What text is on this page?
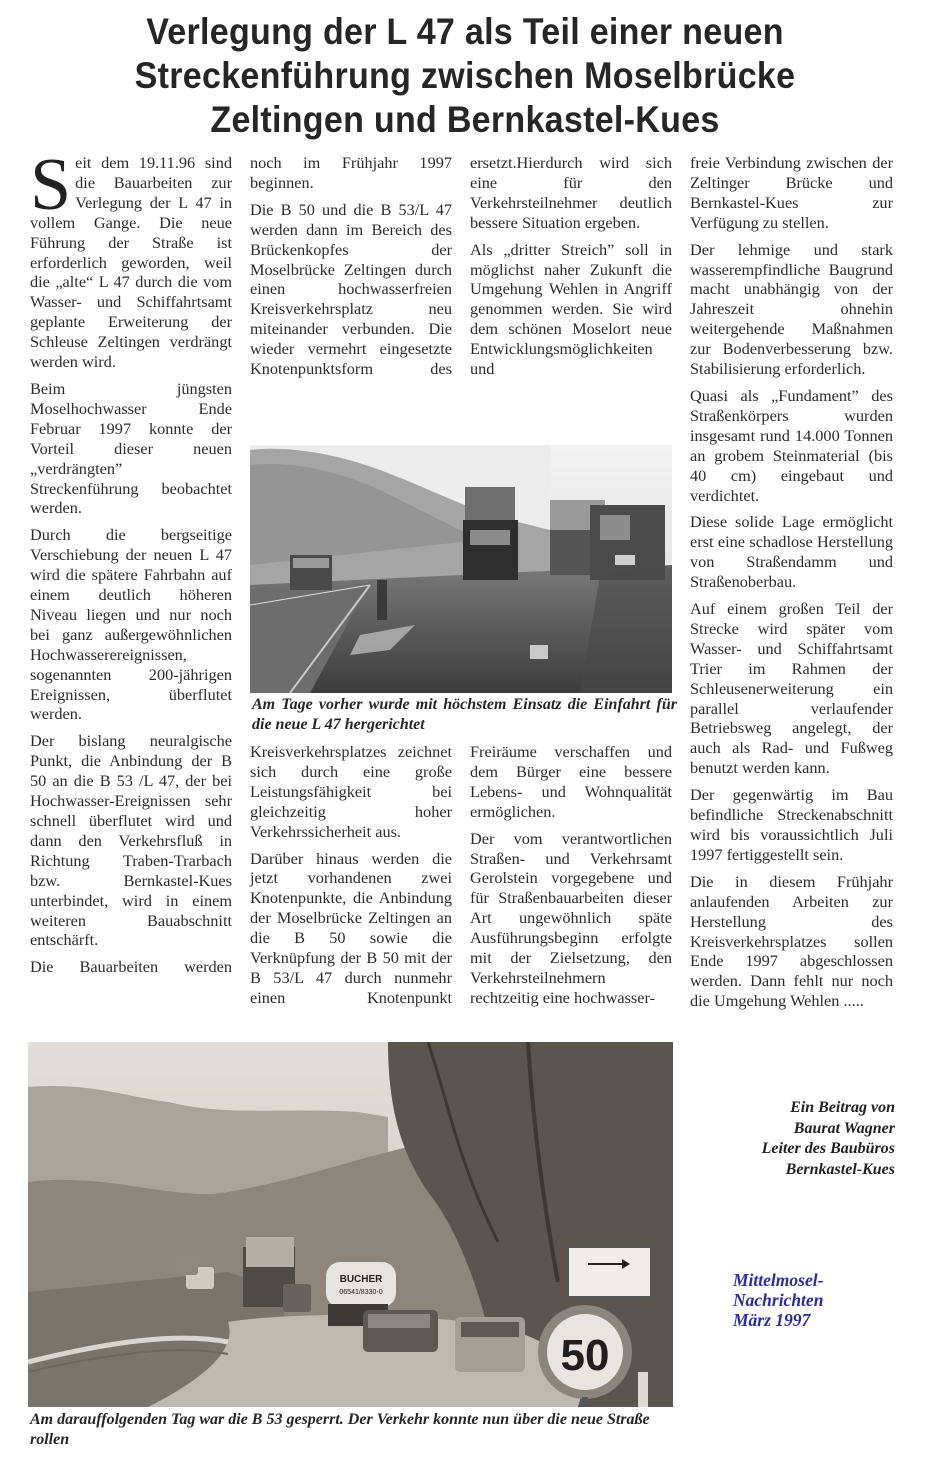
Verlegung der L 47 als Teil einer neuen
Streckenführung zwischen Moselbrücke
Zeltingen und Bernkastel-Kues

Seit dem 19.11.96 sind die Bauarbeiten zur Verlegung der L 47 in vollem Gange. Die neue Führung der Straße ist erforderlich geworden, weil die „alte“ L 47 durch die vom Wasser- und Schiffahrtsamt geplante Erweiterung der Schleuse Zeltingen verdrängt werden wird.

Beim jüngsten Moselhochwasser Ende Februar 1997 konnte der Vorteil dieser neuen „verdrängten” Streckenführung beobachtet werden.

Durch die bergseitige Verschiebung der neuen L 47 wird die spätere Fahrbahn auf einem deutlich höheren Niveau liegen und nur noch bei ganz außergewöhnlichen Hochwasserereignissen, sogenannten 200-jährigen Ereignissen, überflutet werden.

Der bislang neuralgische Punkt, die Anbindung der B 50 an die B 53 /L 47, der bei Hochwasser-Ereignissen sehr schnell überflutet wird und dann den Verkehrsfluß in Richtung Traben-Trarbach bzw. Bernkastel-Kues unterbindet, wird in einem weiteren Bauabschnitt entschärft.

Die Bauarbeiten werden

noch im Frühjahr 1997 beginnen.

Die B 50 und die B 53/L 47 werden dann im Bereich des Brückenkopfes der Moselbrücke Zeltingen durch einen hochwasserfreien Kreisverkehrsplatz neu miteinander verbunden. Die wieder vermehrt eingesetzte Knotenpunktsform des

ersetzt.Hierdurch wird sich eine für den Verkehrsteilnehmer deutlich bessere Situation ergeben.

Als „dritter Streich” soll in möglichst naher Zukunft die Umgehung Wehlen in Angriff genommen werden. Sie wird dem schönen Moselort neue Entwicklungsmöglichkeiten und

freie Verbindung zwischen der Zeltinger Brücke und Bernkastel-Kues zur Verfügung zu stellen.

Der lehmige und stark wasserempfindliche Baugrund macht unabhängig von der Jahreszeit ohnehin weitergehende Maßnahmen zur Bodenverbesserung bzw. Stabilisierung erforderlich.

Quasi als „Fundament” des Straßenkörpers wurden insgesamt rund 14.000 Tonnen an grobem Steinmaterial (bis 40 cm) eingebaut und verdichtet.

Diese solide Lage ermöglicht erst eine schadlose Herstellung von Straßendamm und Straßenoberbau.

Auf einem großen Teil der Strecke wird später vom Wasser- und Schiffahrtsamt Trier im Rahmen der Schleusenerweiterung ein parallel verlaufender Betriebsweg angelegt, der auch als Rad- und Fußweg benutzt werden kann.

Der gegenwärtig im Bau befindliche Streckenabschnitt wird bis voraussichtlich Juli 1997 fertiggestellt sein.

Die in diesem Frühjahr anlaufenden Arbeiten zur Herstellung des Kreisverkehrsplatzes sollen Ende 1997 abgeschlossen werden. Dann fehlt nur noch die Umgehung Wehlen .....

Am Tage vorher wurde mit höchstem Einsatz die Einfahrt für die neue L 47 hergerichtet

Kreisverkehrsplatzes zeichnet sich durch eine große Leistungsfähigkeit bei gleichzeitig hoher Verkehrssicherheit aus.

Darüber hinaus werden die jetzt vorhandenen zwei Knotenpunkte, die Anbindung der Moselbrücke Zeltingen an die B 50 sowie die Verknüpfung der B 50 mit der B 53/L 47 durch nunmehr einen Knotenpunkt

Freiräume verschaffen und dem Bürger eine bessere Lebens- und Wohnqualität ermöglichen.

Der vom verantwortlichen Straßen- und Verkehrsamt Gerolstein vorgegebene und für Straßenbauarbeiten dieser Art ungewöhnlich späte Ausführungsbeginn erfolgte mit der Zielsetzung, den Verkehrsteilnehmern rechtzeitig eine hochwasser-

BUCHER
06541/8330-0
50
Am darauffolgenden Tag war die B 53 gesperrt. Der Verkehr konnte nun über die neue Straße rollen
Ein Beitrag von
Baurat Wagner
Leiter des Baubüros
Bernkastel-Kues
Mittelmosel-
Nachrichten
März 1997
